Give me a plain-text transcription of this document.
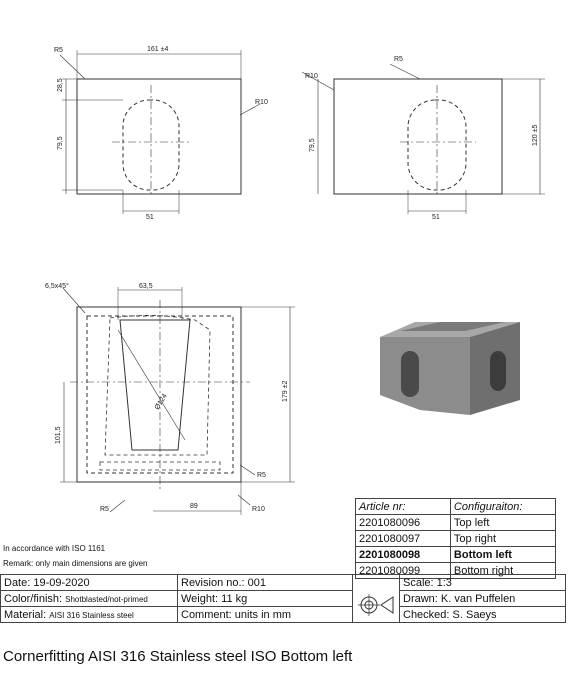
161 ±4
R5
28,5
79,5
R10
51
R10
R5
79,5	120 ±5
51
6,5x45°	63,5
Ø124	179 ±2
101,5
R5
R5	89	R10
In accordance with ISO 1161
Remark: only main dimensions are given
Article nr:	Configuraiton:
2201080096	Top left
2201080097	Top right
2201080098	Bottom left
2201080099	Bottom right
Date: 19-09-2020	Revision no.: 001		Scale: 1:3
Color/finish: Shotblasted/not-primed	Weight: 11 kg		Drawn: K. van Puffelen
Material: AISI 316 Stainless steel	Comment: units in mm		Checked: S. Saeys
Cornerfitting AISI 316 Stainless steel ISO Bottom left
